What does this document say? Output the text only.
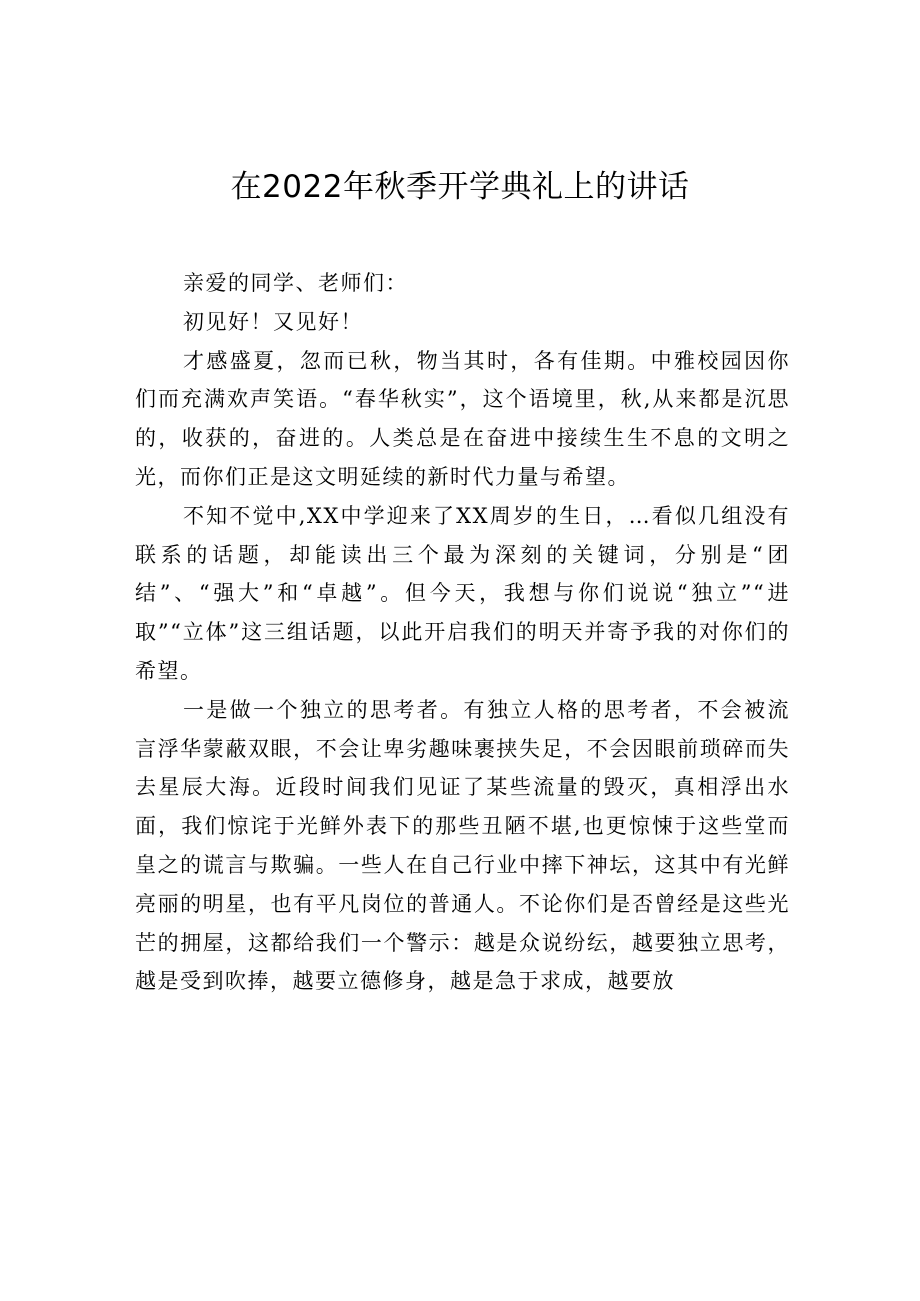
在2022年秋季开学典礼上的讲话

亲爱的同学、老师们：

初见好！又见好！

才感盛夏，忽而已秋，物当其时，各有佳期。中雅校园因你们而充满欢声笑语。“春华秋实”，这个语境里，秋,从来都是沉思的，收获的，奋进的。人类总是在奋进中接续生生不息的文明之光，而你们正是这文明延续的新时代力量与希望。

不知不觉中,XX中学迎来了XX周岁的生日，…看似几组没有联系的话题，却能读出三个最为深刻的关键词，分别是“团结”、“强大”和“卓越”。但今天，我想与你们说说“独立”“进取”“立体”这三组话题，以此开启我们的明天并寄予我的对你们的希望。

一是做一个独立的思考者。有独立人格的思考者，不会被流言浮华蒙蔽双眼，不会让卑劣趣味裹挟失足，不会因眼前琐碎而失去星辰大海。近段时间我们见证了某些流量的毁灭，真相浮出水面，我们惊诧于光鲜外表下的那些丑陋不堪,也更惊悚于这些堂而皇之的谎言与欺骗。一些人在自己行业中摔下神坛，这其中有光鲜亮丽的明星，也有平凡岗位的普通人。不论你们是否曾经是这些光芒的拥屋，这都给我们一个警示：越是众说纷纭，越要独立思考，越是受到吹捧，越要立德修身，越是急于求成，越要放
